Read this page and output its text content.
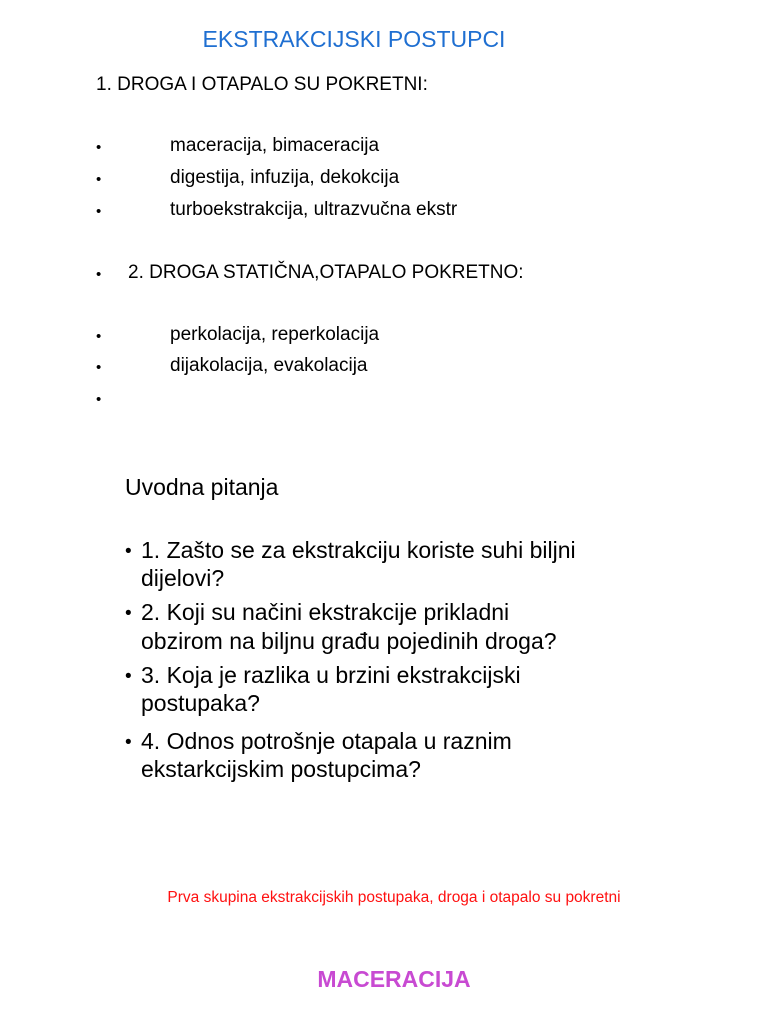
EKSTRAKCIJSKI POSTUPCI
1. DROGA I OTAPALO SU POKRETNI:
•	maceracija, bimaceracija
•	digestija, infuzija, dekokcija
•	turboekstrakcija, ultrazvučna ekstr
• 2. DROGA STATIČNA,OTAPALO POKRETNO:
•	perkolacija, reperkolacija
•	dijakolacija, evakolacija
•
Uvodna pitanja
• 1. Zašto se za ekstrakciju koriste suhi biljni
dijelovi?
• 2. Koji su načini ekstrakcije prikladni
obzirom na biljnu građu pojedinih droga?
• 3. Koja je razlika u brzini ekstrakcijski
postupaka?
• 4. Odnos potrošnje otapala u raznim
ekstarkcijskim postupcima?
Prva skupina ekstrakcijskih postupaka, droga i otapalo su pokretni
MACERACIJA
